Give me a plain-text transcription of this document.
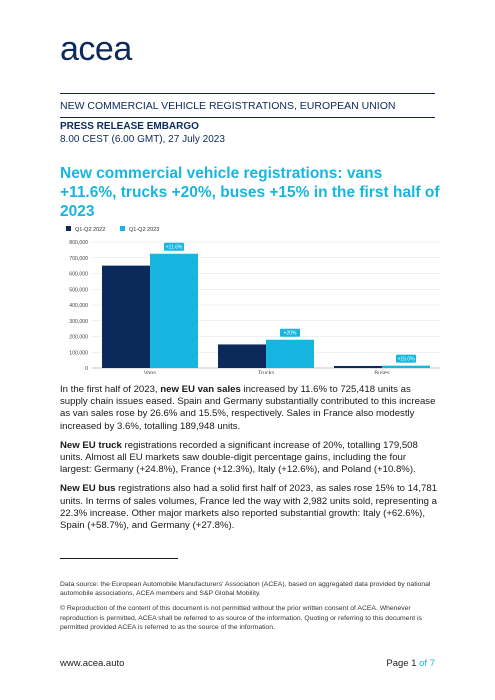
acea
NEW COMMERCIAL VEHICLE REGISTRATIONS, EUROPEAN UNION
PRESS RELEASE EMBARGO
8.00 CEST (6.00 GMT), 27 July 2023
New commercial vehicle registrations: vans +11.6%, trucks +20%, buses +15% in the first half of 2023
Q1-Q2 2022	Q1-Q2 2023
0
100,000
200,000
300,000
400,000
500,000
600,000
700,000
800,000
+11.6%
Vans
+20%
Trucks
+15.0%
Buses

In the first half of 2023, new EU van sales increased by 11.6% to 725,418 units as supply chain issues eased. Spain and Germany substantially contributed to this increase as van sales rose by 26.6% and 15.5%, respectively. Sales in France also modestly increased by 3.6%, totalling 189,948 units.

New EU truck registrations recorded a significant increase of 20%, totalling 179,508 units. Almost all EU markets saw double-digit percentage gains, including the four largest: Germany (+24.8%), France (+12.3%), Italy (+12.6%), and Poland (+10.8%).

New EU bus registrations also had a solid first half of 2023, as sales rose 15% to 14,781 units. In terms of sales volumes, France led the way with 2,982 units sold, representing a 22.3% increase. Other major markets also reported substantial growth: Italy (+62.6%), Spain (+58.7%), and Germany (+27.8%).

Data source: the European Automobile Manufacturers' Association (ACEA), based on aggregated data provided by national automobile associations, ACEA members and S&P Global Mobility.

© Reproduction of the content of this document is not permitted without the prior written consent of ACEA. Whenever reproduction is permitted, ACEA shall be referred to as source of the information. Quoting or referring to this document is permitted provided ACEA is referred to as the source of the information.

www.acea.auto	Page 1 of 7
